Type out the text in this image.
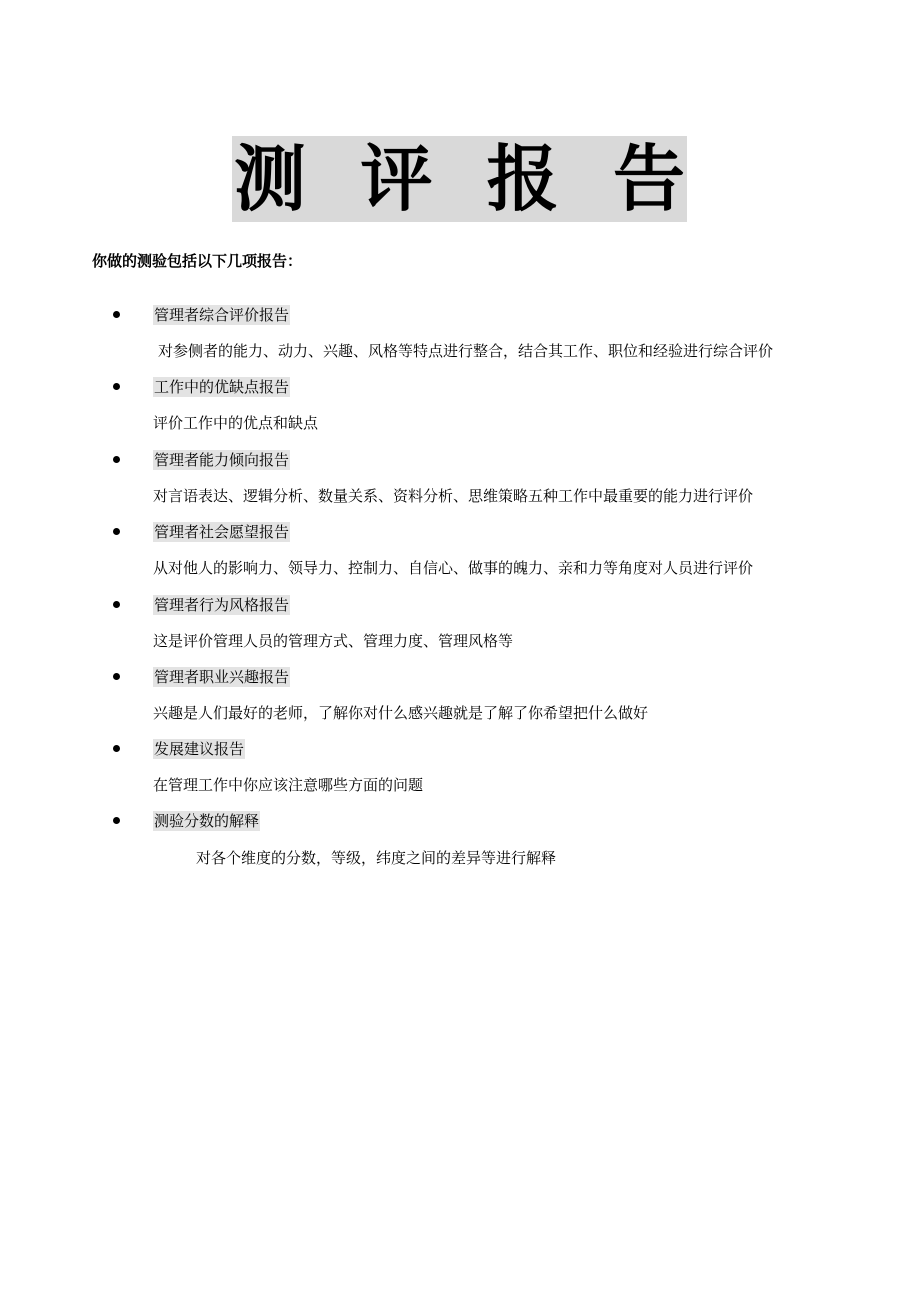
测 评 报 告
你做的测验包括以下几项报告：
管理者综合评价报告
对参侧者的能力、动力、兴趣、风格等特点进行整合，结合其工作、职位和经验进行综合评价
工作中的优缺点报告
评价工作中的优点和缺点
管理者能力倾向报告
对言语表达、逻辑分析、数量关系、资料分析、思维策略五种工作中最重要的能力进行评价
管理者社会愿望报告
从对他人的影响力、领导力、控制力、自信心、做事的魄力、亲和力等角度对人员进行评价
管理者行为风格报告
这是评价管理人员的管理方式、管理力度、管理风格等
管理者职业兴趣报告
兴趣是人们最好的老师，了解你对什么感兴趣就是了解了你希望把什么做好
发展建议报告
在管理工作中你应该注意哪些方面的问题
测验分数的解释
对各个维度的分数，等级，纬度之间的差异等进行解释
